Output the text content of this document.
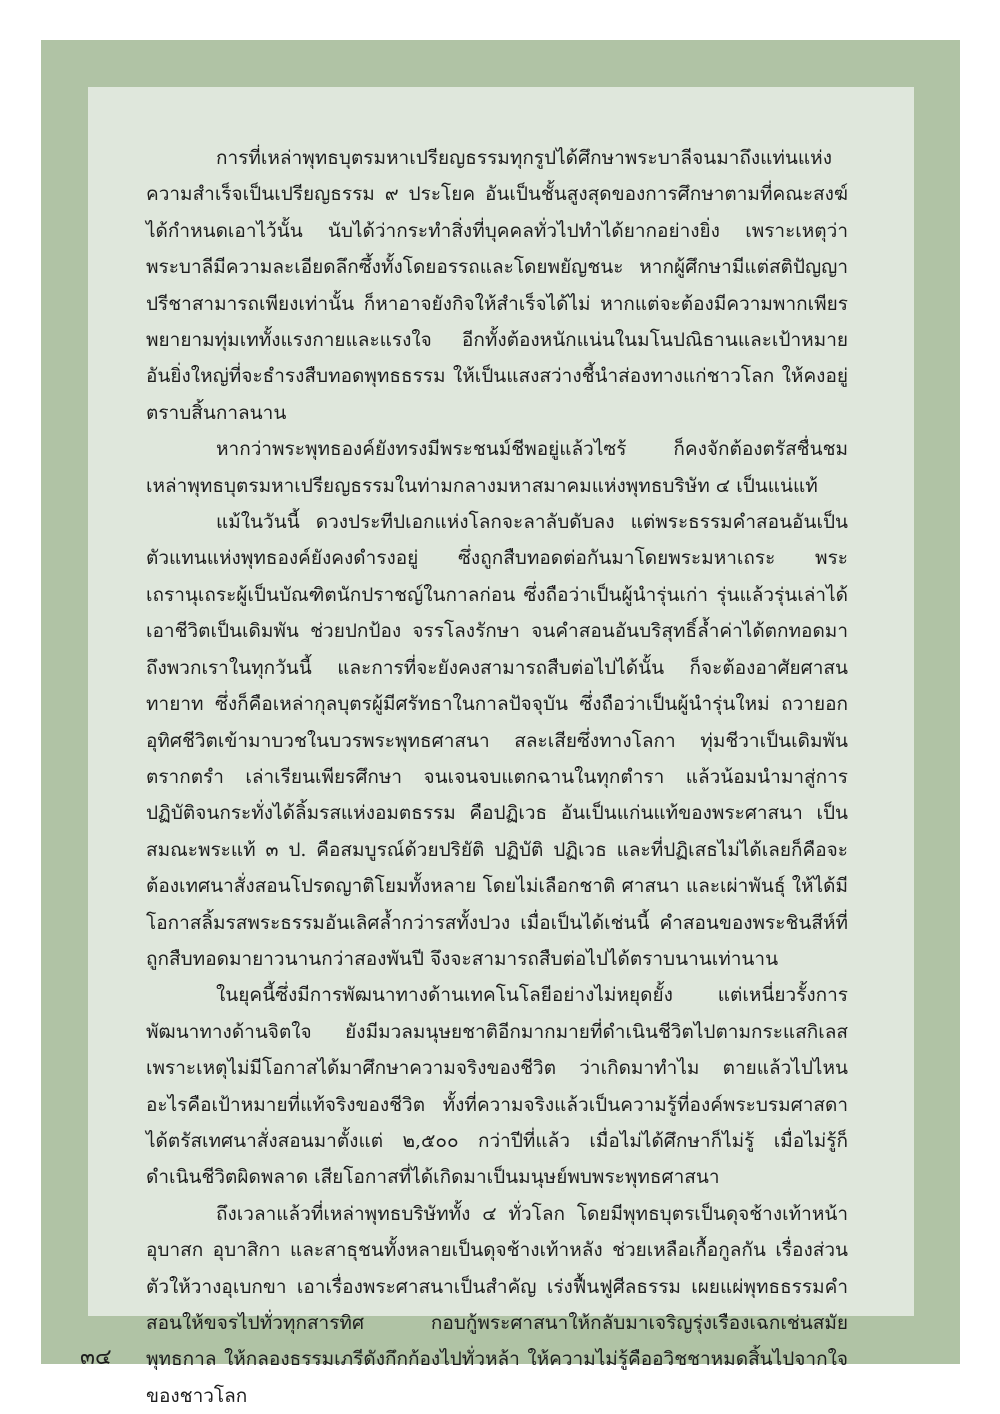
การที่เหล่าพุทธบุตรมหาเปรียญธรรมทุกรูปได้ศึกษาพระบาลีจนมาถึงแท่นแห่งความสำเร็จเป็นเปรียญธรรม ๙ ประโยค อันเป็นชั้นสูงสุดของการศึกษาตามที่คณะสงฆ์ได้กำหนดเอาไว้นั้น นับได้ว่ากระทำสิ่งที่บุคคลทั่วไปทำได้ยากอย่างยิ่ง เพราะเหตุว่า พระบาลีมีความละเอียดลึกซึ้งทั้งโดยอรรถและโดยพยัญชนะ หากผู้ศึกษามีแต่สติปัญญาปรีชาสามารถเพียงเท่านั้น ก็หาอาจยังกิจให้สำเร็จได้ไม่ หากแต่จะต้องมีความพากเพียรพยายามทุ่มเททั้งแรงกายและแรงใจ อีกทั้งต้องหนักแน่นในมโนปณิธานและเป้าหมายอันยิ่งใหญ่ที่จะธำรงสืบทอดพุทธธรรม ให้เป็นแสงสว่างชี้นำส่องทางแก่ชาวโลก ให้คงอยู่ตราบสิ้นกาลนาน

หากว่าพระพุทธองค์ยังทรงมีพระชนม์ชีพอยู่แล้วไซร้ ก็คงจักต้องตรัสชื่นชมเหล่าพุทธบุตรมหาเปรียญธรรมในท่ามกลางมหาสมาคมแห่งพุทธบริษัท ๔ เป็นแน่แท้

แม้ในวันนี้ ดวงประทีปเอกแห่งโลกจะลาลับดับลง แต่พระธรรมคำสอนอันเป็นตัวแทนแห่งพุทธองค์ยังคงดำรงอยู่ ซึ่งถูกสืบทอดต่อกันมาโดยพระมหาเถระ พระเถรานุเถระผู้เป็นบัณฑิตนักปราชญ์ในกาลก่อน ซึ่งถือว่าเป็นผู้นำรุ่นเก่า รุ่นแล้วรุ่นเล่าได้เอาชีวิตเป็นเดิมพัน ช่วยปกป้อง จรรโลงรักษา จนคำสอนอันบริสุทธิ์ล้ำค่าได้ตกทอดมาถึงพวกเราในทุกวันนี้ และการที่จะยังคงสามารถสืบต่อไปได้นั้น ก็จะต้องอาศัยศาสนทายาท ซึ่งก็คือเหล่ากุลบุตรผู้มีศรัทธาในกาลปัจจุบัน ซึ่งถือว่าเป็นผู้นำรุ่นใหม่ ถวายอกอุทิศชีวิตเข้ามาบวชในบวรพระพุทธศาสนา สละเสียซึ่งทางโลกา ทุ่มชีวาเป็นเดิมพัน ตรากตรำ เล่าเรียนเพียรศึกษา จนเจนจบแตกฉานในทุกตำรา แล้วน้อมนำมาสู่การปฏิบัติจนกระทั่งได้ลิ้มรสแห่งอมตธรรม คือปฏิเวธ อันเป็นแก่นแท้ของพระศาสนา เป็นสมณะพระแท้ ๓ ป. คือสมบูรณ์ด้วยปริยัติ ปฏิบัติ ปฏิเวธ และที่ปฏิเสธไม่ได้เลยก็คือจะต้องเทศนาสั่งสอนโปรดญาติโยมทั้งหลาย โดยไม่เลือกชาติ ศาสนา และเผ่าพันธุ์ ให้ได้มีโอกาสลิ้มรสพระธรรมอันเลิศล้ำกว่ารสทั้งปวง เมื่อเป็นได้เช่นนี้ คำสอนของพระชินสีห์ที่ถูกสืบทอดมายาวนานกว่าสองพันปี จึงจะสามารถสืบต่อไปได้ตราบนานเท่านาน

ในยุคนี้ซึ่งมีการพัฒนาทางด้านเทคโนโลยีอย่างไม่หยุดยั้ง แต่เหนี่ยวรั้งการพัฒนาทางด้านจิตใจ ยังมีมวลมนุษยชาติอีกมากมายที่ดำเนินชีวิตไปตามกระแสกิเลส เพราะเหตุไม่มีโอกาสได้มาศึกษาความจริงของชีวิต ว่าเกิดมาทำไม ตายแล้วไปไหน อะไรคือเป้าหมายที่แท้จริงของชีวิต ทั้งที่ความจริงแล้วเป็นความรู้ที่องค์พระบรมศาสดาได้ตรัสเทศนาสั่งสอนมาตั้งแต่ ๒,๕๐๐ กว่าปีที่แล้ว เมื่อไม่ได้ศึกษาก็ไม่รู้ เมื่อไม่รู้ก็ดำเนินชีวิตผิดพลาด เสียโอกาสที่ได้เกิดมาเป็นมนุษย์พบพระพุทธศาสนา

ถึงเวลาแล้วที่เหล่าพุทธบริษัททั้ง ๔ ทั่วโลก โดยมีพุทธบุตรเป็นดุจช้างเท้าหน้า อุบาสก อุบาสิกา และสาธุชนทั้งหลายเป็นดุจช้างเท้าหลัง ช่วยเหลือเกื้อกูลกัน เรื่องส่วนตัวให้วางอุเบกขา เอาเรื่องพระศาสนาเป็นสำคัญ เร่งฟื้นฟูศีลธรรม เผยแผ่พุทธธรรมคำสอนให้ขจรไปทั่วทุกสารทิศ กอบกู้พระศาสนาให้กลับมาเจริญรุ่งเรืองเฉกเช่นสมัยพุทธกาล ให้กลองธรรมเภรีดังกึกก้องไปทั่วหล้า ให้ความไม่รู้คืออวิชชาหมดสิ้นไปจากใจของชาวโลก

๓๔
